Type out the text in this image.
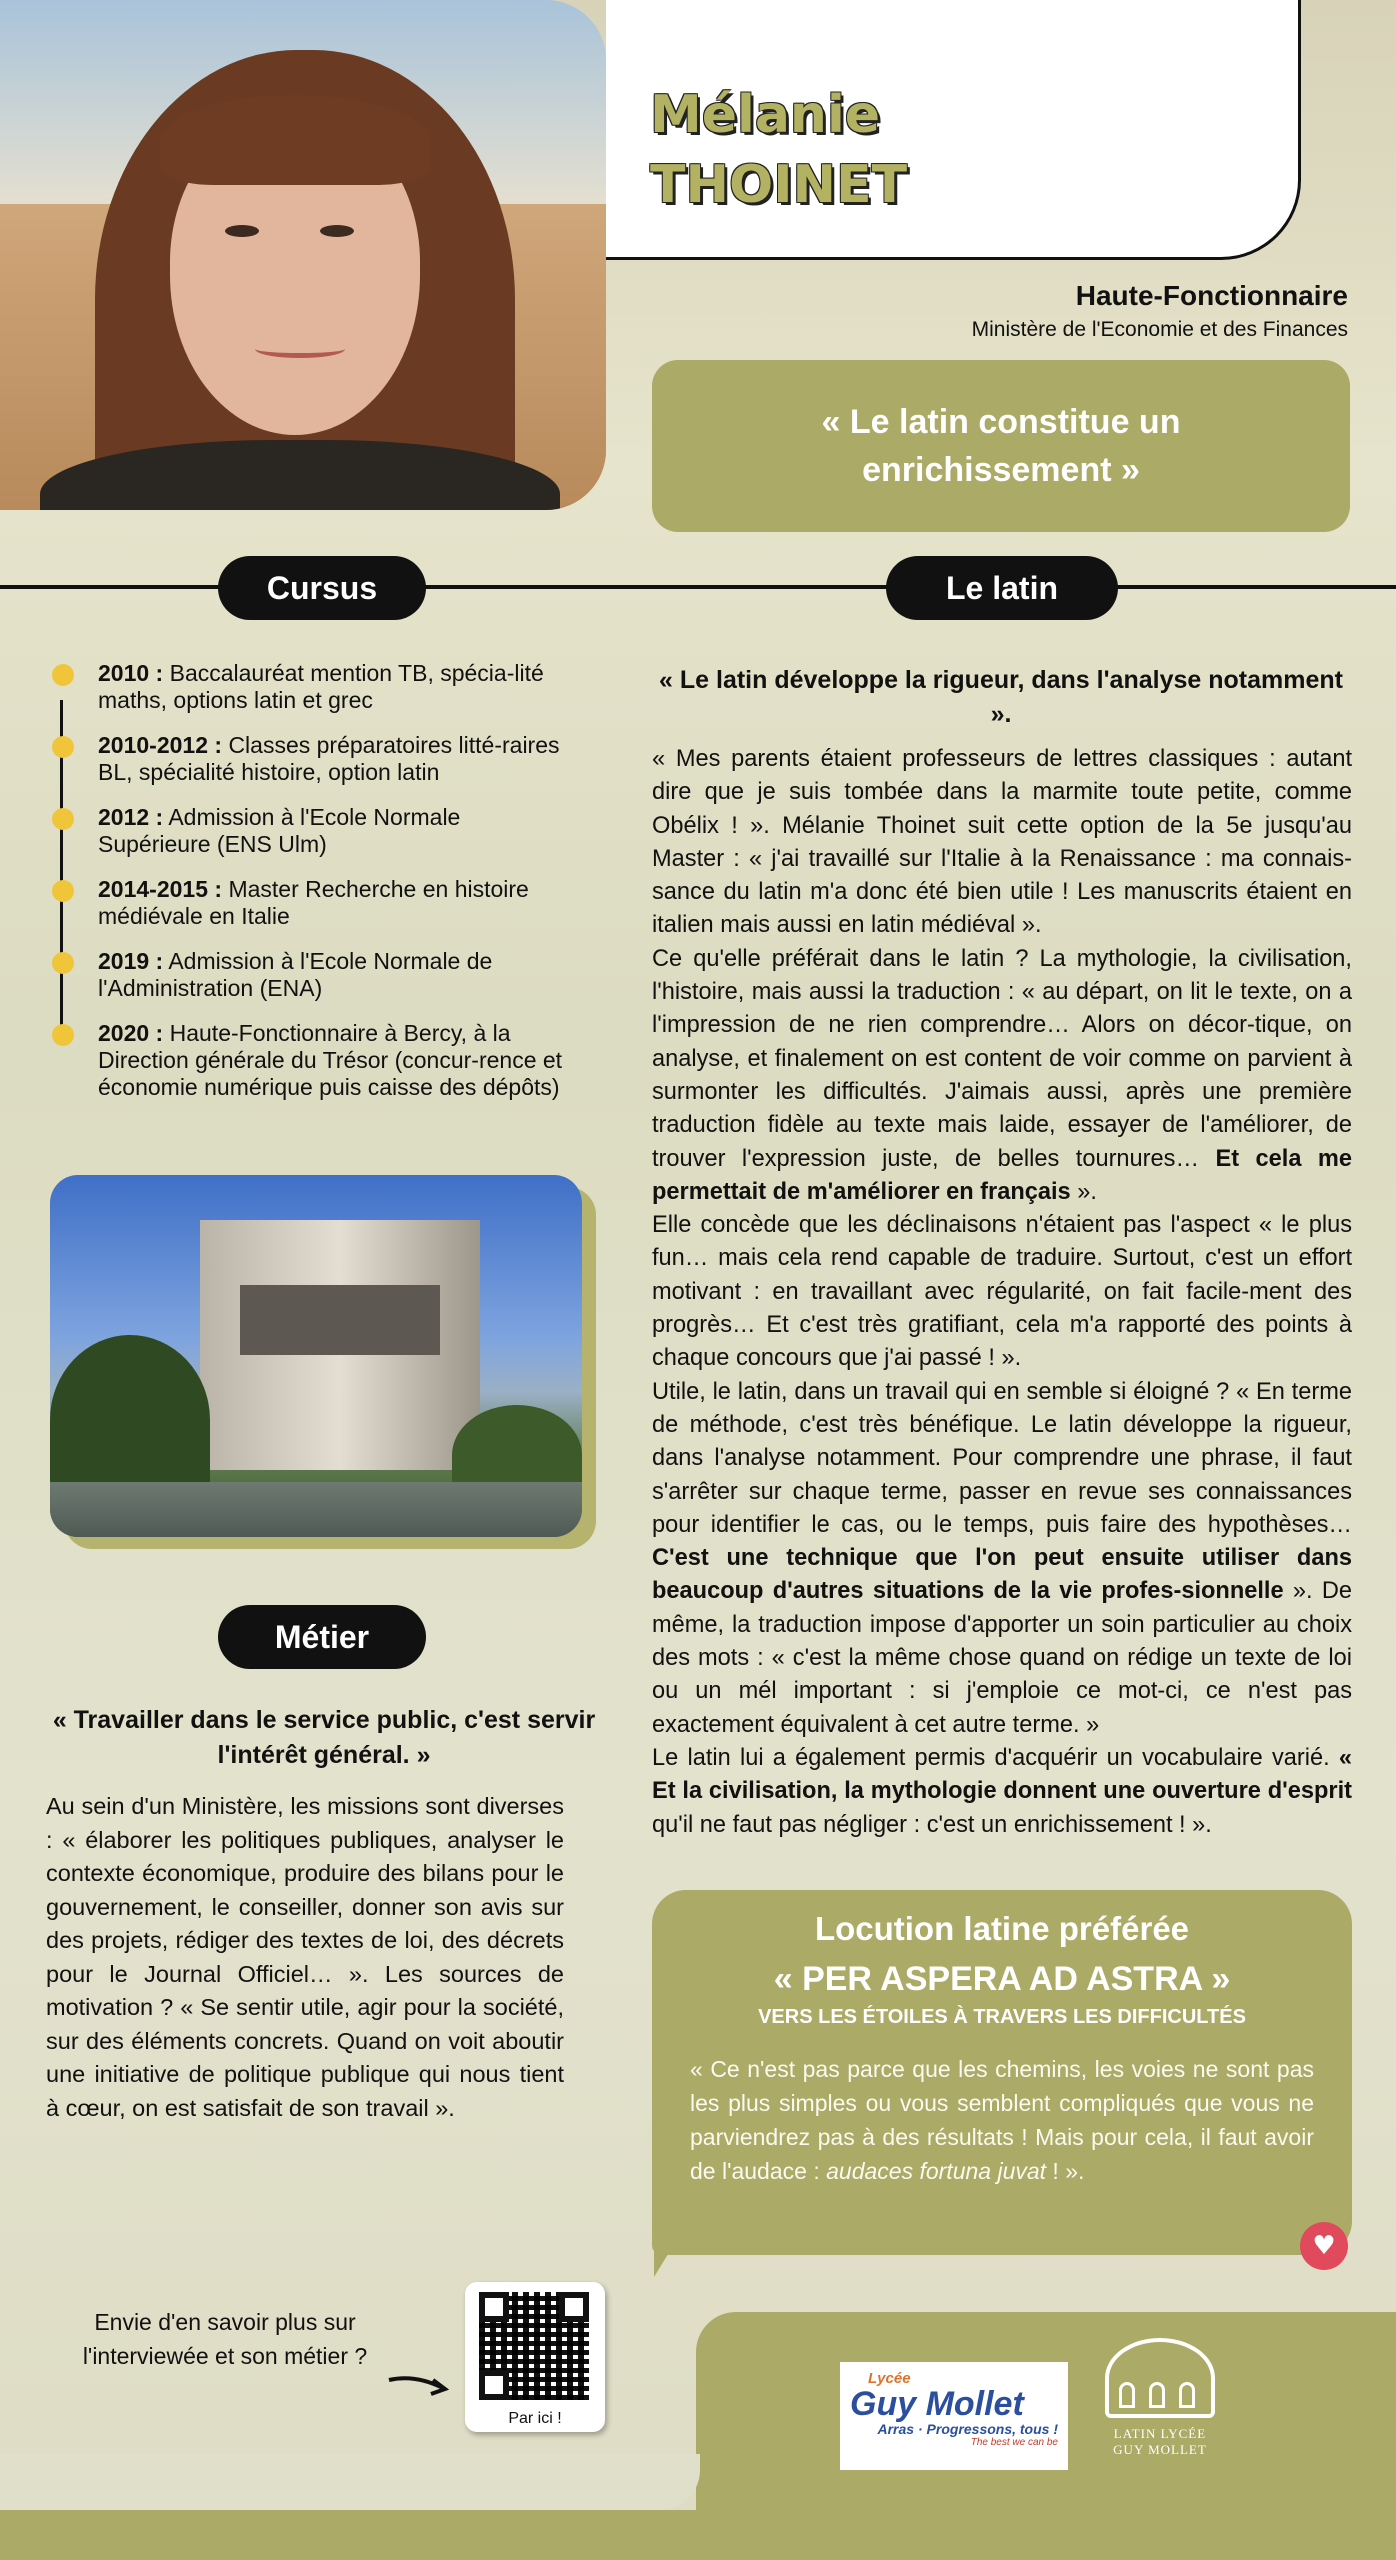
Mélanie
THOINET
Haute-Fonctionnaire
Ministère de l'Economie et des Finances
« Le latin constitue un enrichissement »
Cursus	Le latin
2010 : Baccalauréat mention TB, spécia-lité maths, options latin et grec
2010-2012 : Classes préparatoires litté-raires BL, spécialité histoire, option latin
2012 : Admission à l'Ecole Normale Supérieure (ENS Ulm)
2014-2015 : Master Recherche en histoire médiévale en Italie
2019 : Admission à l'Ecole Normale de l'Administration (ENA)
2020 : Haute-Fonctionnaire à Bercy, à la Direction générale du Trésor (concur-rence et économie numérique puis caisse des dépôts)
Métier
« Travailler dans le service public, c'est servir l'intérêt général. »
Au sein d'un Ministère, les missions sont diverses : « élaborer les politiques publiques, analyser le contexte économique, produire des bilans pour le gouvernement, le conseiller, donner son avis sur des projets, rédiger des textes de loi, des décrets pour le Journal Officiel… ». Les sources de motivation ? « Se sentir utile, agir pour la société, sur des éléments concrets. Quand on voit aboutir une initiative de politique publique qui nous tient à cœur, on est satisfait de son travail ».
« Le latin développe la rigueur, dans l'analyse notamment ».

« Mes parents étaient professeurs de lettres classiques : autant dire que je suis tombée dans la marmite toute petite, comme Obélix ! ». Mélanie Thoinet suit cette option de la 5e jusqu'au Master : « j'ai travaillé sur l'Italie à la Renaissance : ma connais-sance du latin m'a donc été bien utile ! Les manuscrits étaient en italien mais aussi en latin médiéval ».

Ce qu'elle préférait dans le latin ? La mythologie, la civilisation, l'histoire, mais aussi la traduction : « au départ, on lit le texte, on a l'impression de ne rien comprendre… Alors on décor-tique, on analyse, et finalement on est content de voir comme on parvient à surmonter les difficultés. J'aimais aussi, après une première traduction fidèle au texte mais laide, essayer de l'améliorer, de trouver l'expression juste, de belles tournures… Et cela me permettait de m'améliorer en français ».

Elle concède que les déclinaisons n'étaient pas l'aspect « le plus fun… mais cela rend capable de traduire. Surtout, c'est un effort motivant : en travaillant avec régularité, on fait facile-ment des progrès… Et c'est très gratifiant, cela m'a rapporté des points à chaque concours que j'ai passé ! ».

Utile, le latin, dans un travail qui en semble si éloigné ? « En terme de méthode, c'est très bénéfique. Le latin développe la rigueur, dans l'analyse notamment. Pour comprendre une phrase, il faut s'arrêter sur chaque terme, passer en revue ses connaissances pour identifier le cas, ou le temps, puis faire des hypothèses… C'est une technique que l'on peut ensuite utiliser dans beaucoup d'autres situations de la vie profes-sionnelle ». De même, la traduction impose d'apporter un soin particulier au choix des mots : « c'est la même chose quand on rédige un texte de loi ou un mél important : si j'emploie ce mot-ci, ce n'est pas exactement équivalent à cet autre terme. »

Le latin lui a également permis d'acquérir un vocabulaire varié. « Et la civilisation, la mythologie donnent une ouverture d'esprit qu'il ne faut pas négliger : c'est un enrichissement ! ».

Locution latine préférée
« PER ASPERA AD ASTRA »
VERS LES ÉTOILES À TRAVERS LES DIFFICULTÉS
« Ce n'est pas parce que les chemins, les voies ne sont pas les plus simples ou vous semblent compliqués que vous ne parviendrez pas à des résultats ! Mais pour cela, il faut avoir de l'audace : audaces fortuna juvat ! ».
♥
Envie d'en savoir plus sur l'interviewée et son métier ?
Par ici !
Lycée
Guy Mollet
Arras · Progressons, tous !
The best we can be
LATIN LYCÉE
GUY MOLLET
